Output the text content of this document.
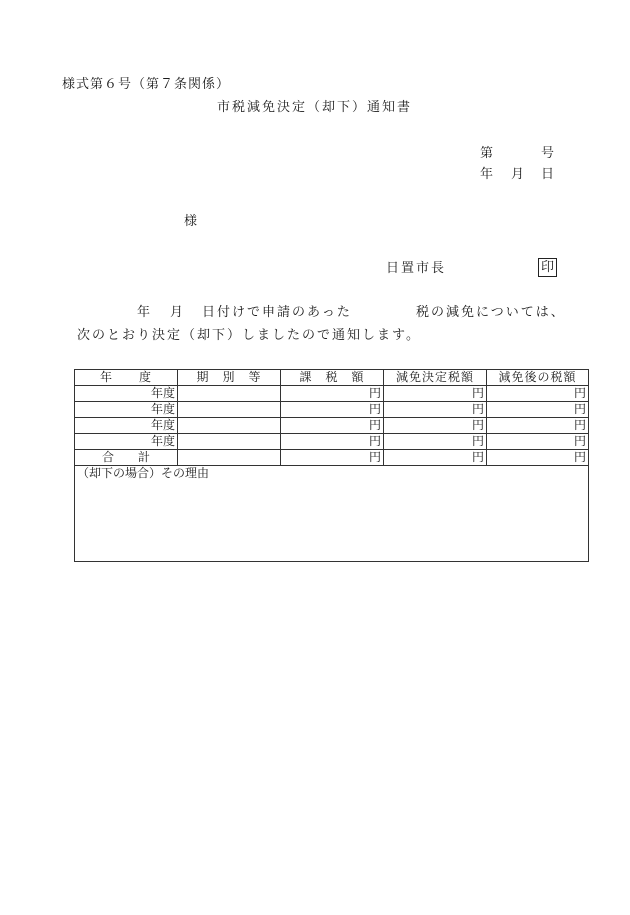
様式第６号（第７条関係）
市税減免決定（却下）通知書
第	号
年 月 日
様
日置市長	印
年 月 日付けで申請のあった	税の減免については、
次のとおり決定（却下）しましたので通知します。
年　　度	期　別　等	課　税　額	減免決定税額	減免後の税額
年度		円	円	円
年度		円	円	円
年度		円	円	円
年度		円	円	円
合　　計		円	円	円
（却下の場合）その理由				
